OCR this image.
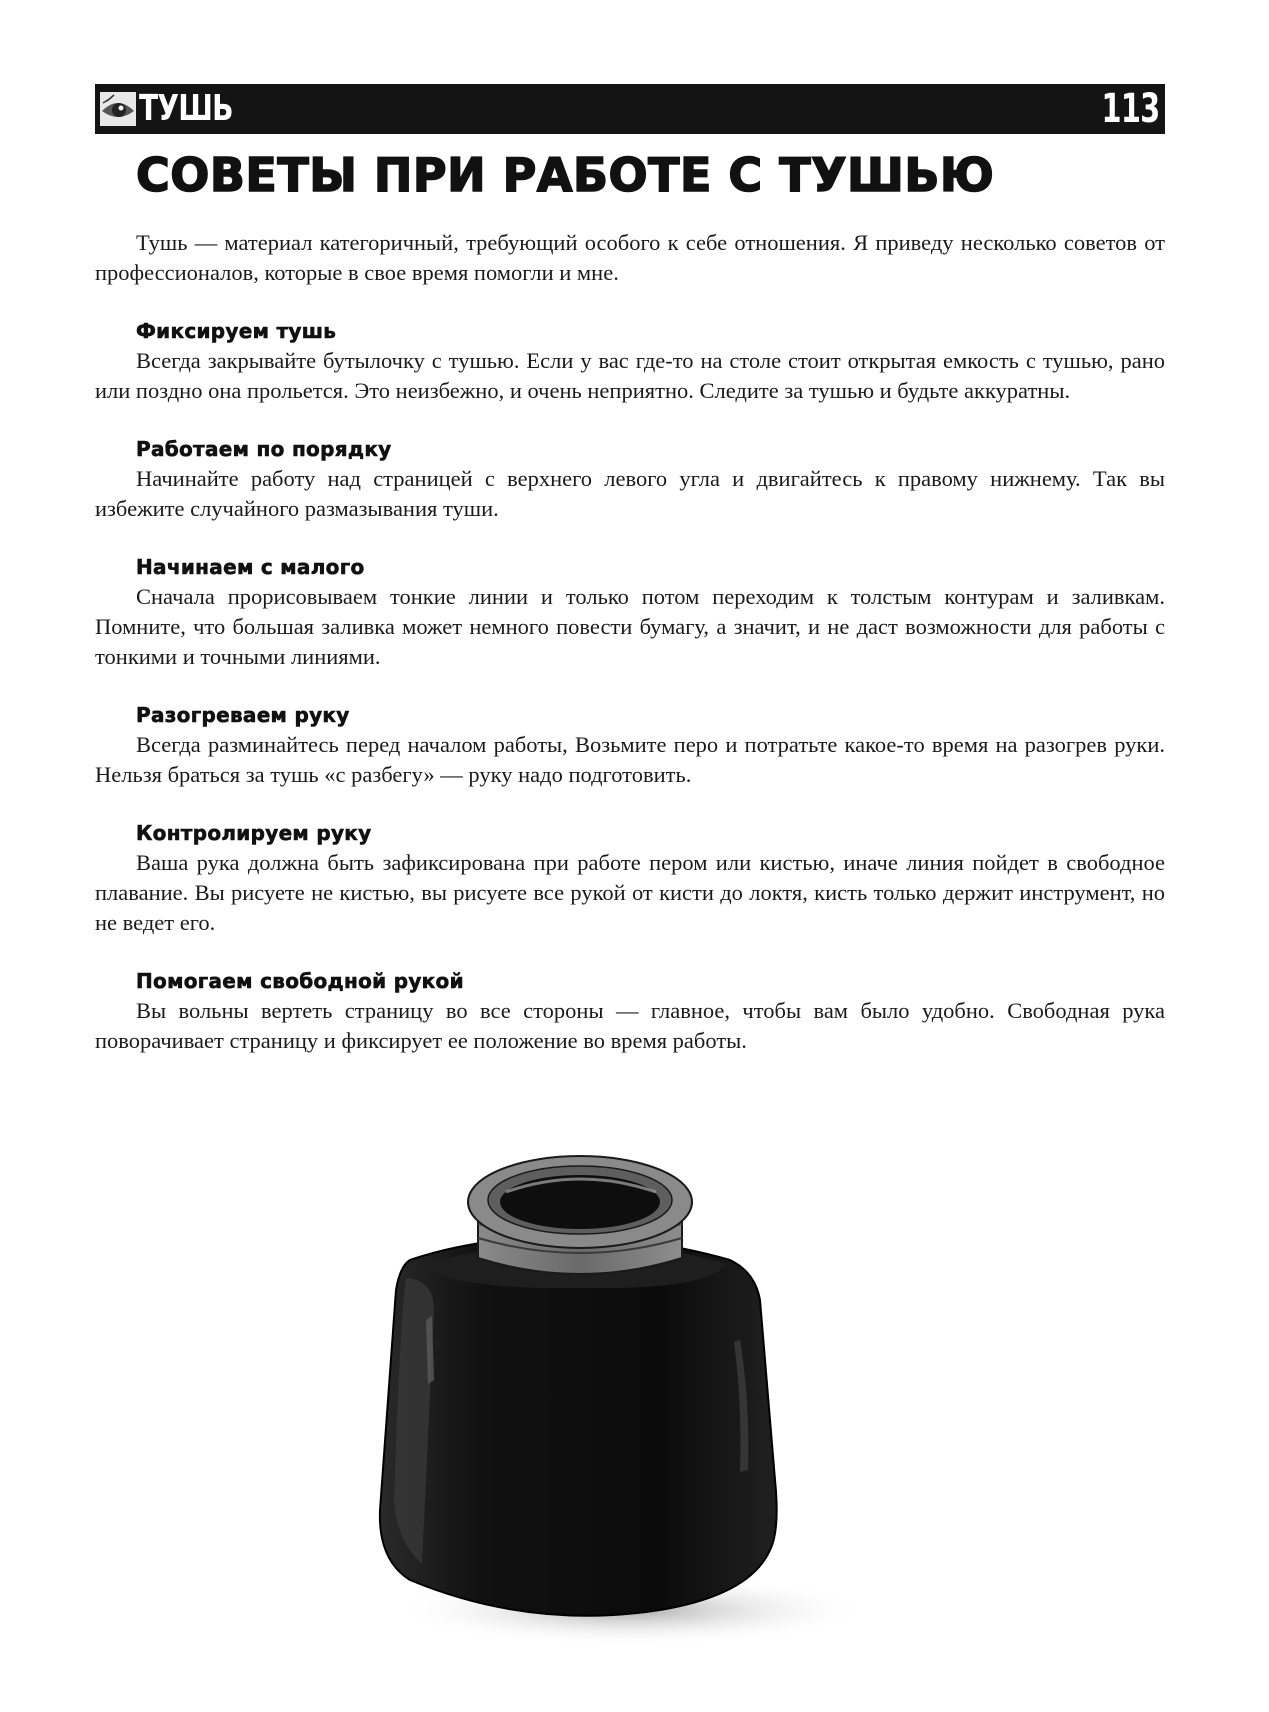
ТУШЬ	113
СОВЕТЫ ПРИ РАБОТЕ С ТУШЬЮ

Тушь — материал категоричный, требующий особого к себе отношения. Я приведу несколько советов от профессионалов, которые в свое время помогли и мне.

Фиксируем тушь

Всегда закрывайте бутылочку с тушью. Если у вас где-то на столе стоит открытая емкость с тушью, рано или поздно она прольется. Это неизбежно, и очень неприятно. Следите за тушью и будьте аккуратны.

Работаем по порядку

Начинайте работу над страницей с верхнего левого угла и двигайтесь к правому нижнему. Так вы избежите случайного размазывания туши.

Начинаем с малого

Сначала прорисовываем тонкие линии и только потом переходим к толстым контурам и заливкам. Помните, что большая заливка может немного повести бумагу, а значит, и не даст возможности для работы с тонкими и точными линиями.

Разогреваем руку

Всегда разминайтесь перед началом работы, Возьмите перо и потратьте какое-то время на разогрев руки. Нельзя браться за тушь «с разбегу» — руку надо подготовить.

Контролируем руку

Ваша рука должна быть зафиксирована при работе пером или кистью, иначе линия пойдет в свободное плавание. Вы рисуете не кистью, вы рисуете все рукой от кисти до локтя, кисть только держит инструмент, но не ведет его.

Помогаем свободной рукой

Вы вольны вертеть страницу во все стороны — главное, чтобы вам было удобно. Свободная рука поворачивает страницу и фиксирует ее положение во время работы.
